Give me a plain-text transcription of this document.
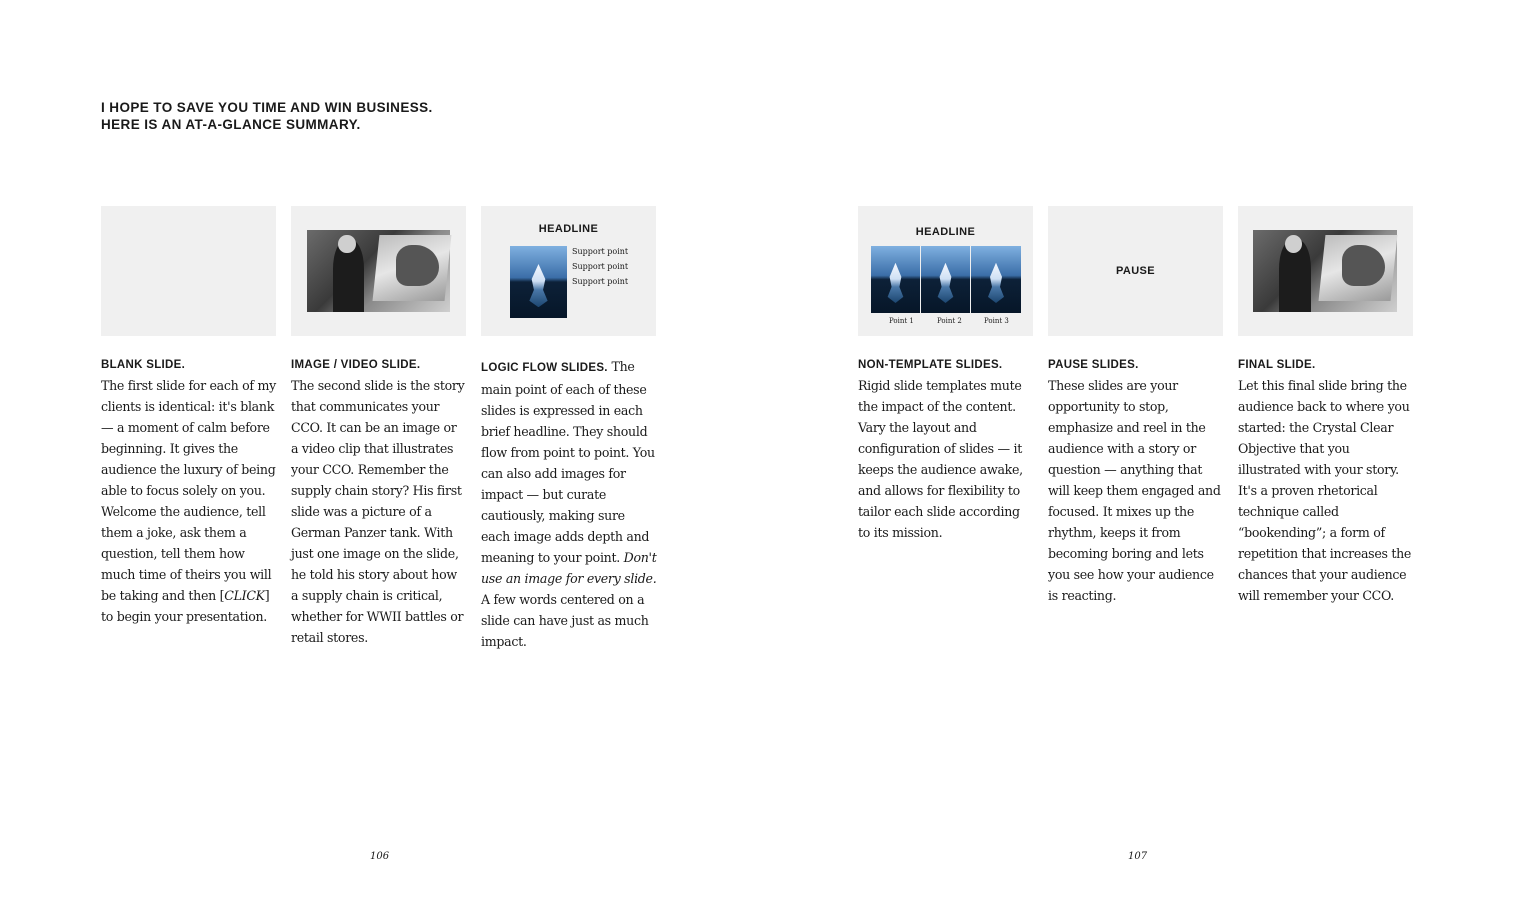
I HOPE TO SAVE YOU TIME AND WIN BUSINESS.
HERE IS AN AT-A-GLANCE SUMMARY.
BLANK SLIDE.
The first slide for each of my clients is identical: it's blank — a moment of calm before beginning. It gives the audience the luxury of being able to focus solely on you. Welcome the audience, tell them a joke, ask them a question, tell them how much time of theirs you will be taking and then [CLICK] to begin your presentation.
IMAGE / VIDEO SLIDE.
The second slide is the story that communicates your CCO. It can be an image or a video clip that illustrates your CCO. Remember the supply chain story? His first slide was a picture of a German Panzer tank. With just one image on the slide, he told his story about how a supply chain is critical, whether for WWII battles or retail stores.
HEADLINE
Support point
Support point
Support point
LOGIC FLOW SLIDES. The main point of each of these slides is expressed in each brief headline. They should flow from point to point. You can also add images for impact — but curate cautiously, making sure each image adds depth and meaning to your point. Don't use an image for every slide. A few words centered on a slide can have just as much impact.
HEADLINE
Point 1	Point 2	Point 3
NON-TEMPLATE SLIDES.
Rigid slide templates mute the impact of the content. Vary the layout and configuration of slides — it keeps the audience awake, and allows for flexibility to tailor each slide according to its mission.
PAUSE
PAUSE SLIDES.
These slides are your opportunity to stop, emphasize and reel in the audience with a story or question — anything that will keep them engaged and focused. It mixes up the rhythm, keeps it from becoming boring and lets you see how your audience is reacting.
FINAL SLIDE.
Let this final slide bring the audience back to where you started: the Crystal Clear Objective that you illustrated with your story. It's a proven rhetorical technique called “bookending”; a form of repetition that increases the chances that your audience will remember your CCO.
106	107
